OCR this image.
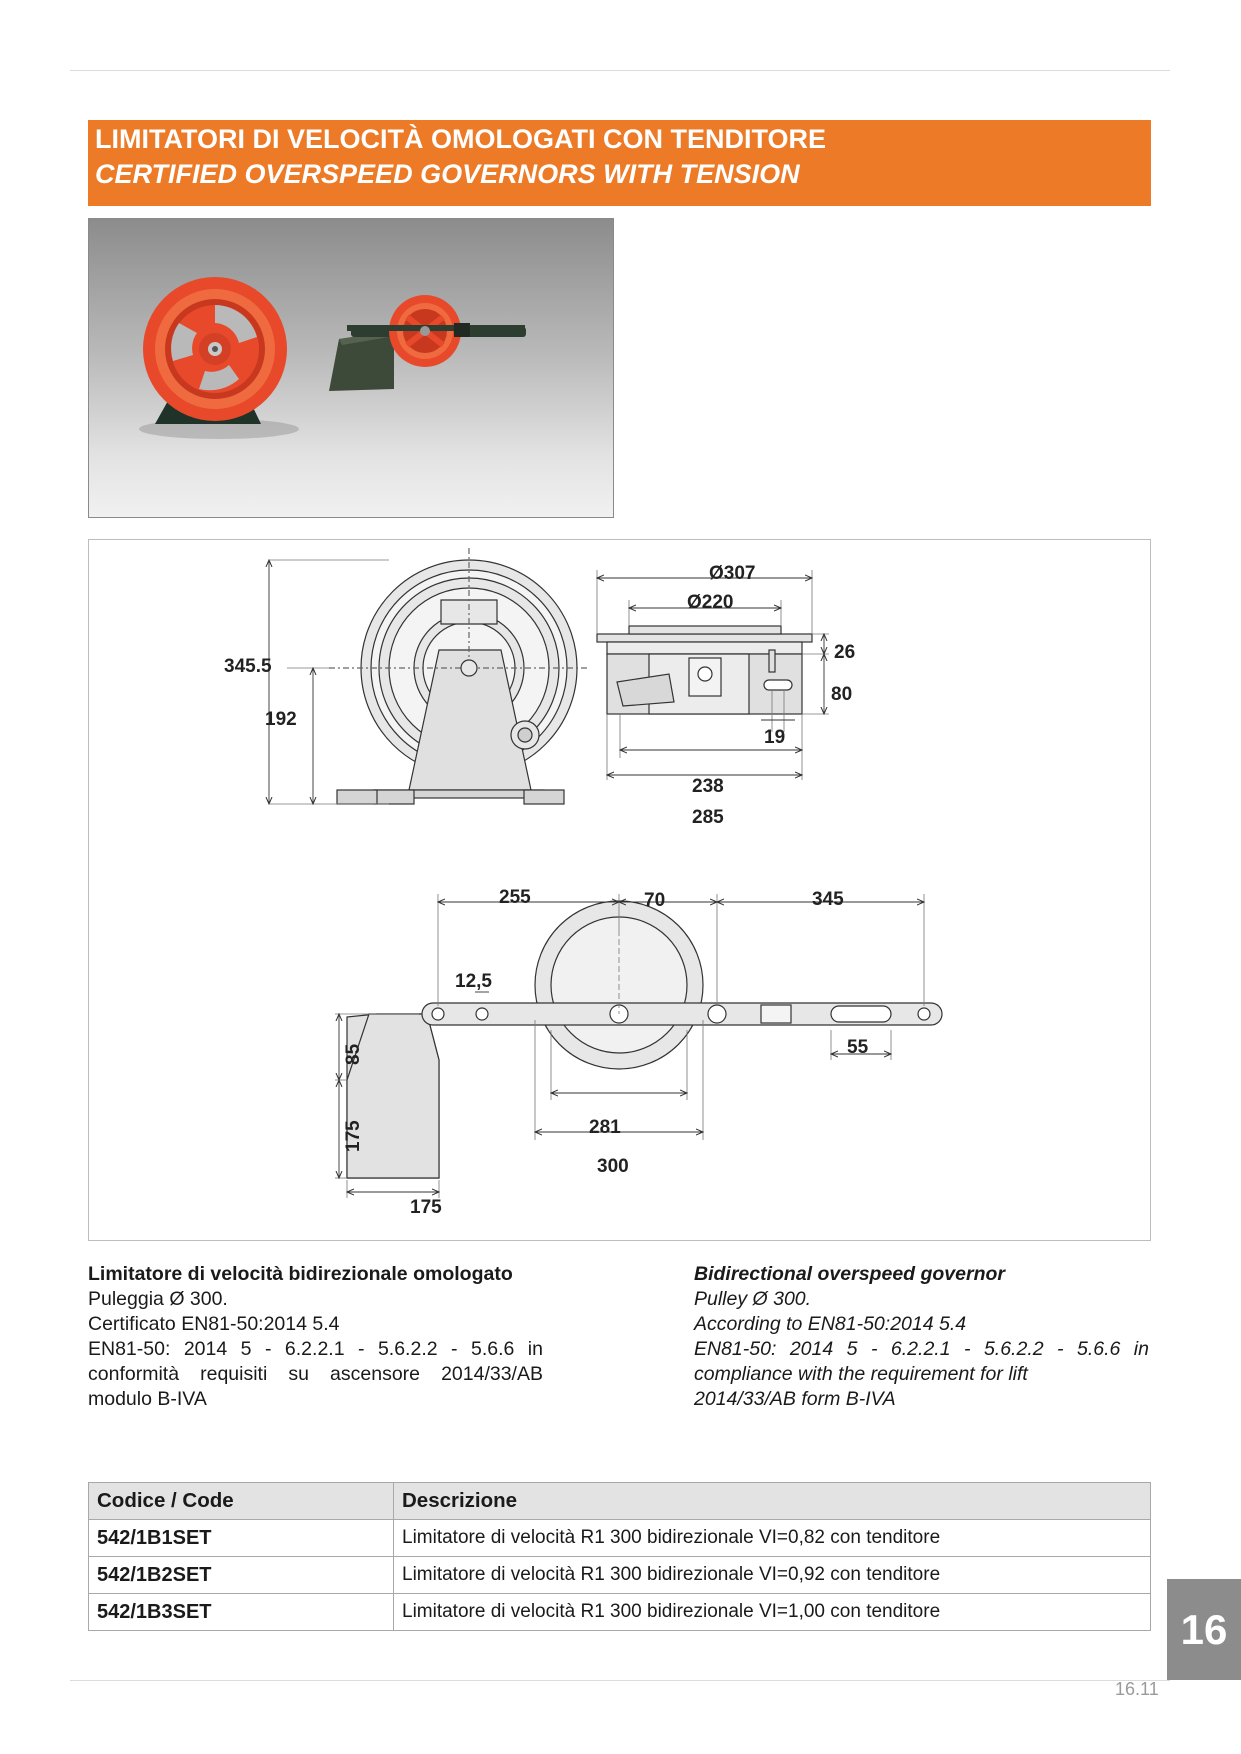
LIMITATORI DI VELOCITÀ OMOLOGATI CON TENDITORE
CERTIFIED OVERSPEED GOVERNORS WITH TENSION
345.5
192
Ø307
Ø220
26
80
19
238
285
255	70	345
12,5
55
85
175
175
281
300
Limitatore di velocità bidirezionale omologato
Puleggia Ø 300.
Certificato EN81-50:2014 5.4
EN81-50: 2014 5 - 6.2.2.1 - 5.6.2.2 - 5.6.6 in
conformità requisiti su ascensore 2014/33/AB
modulo B-IVA
Bidirectional overspeed governor
Pulley Ø 300.
According to EN81-50:2014 5.4
EN81-50: 2014 5 - 6.2.2.1 - 5.6.2.2 - 5.6.6 in
compliance with the requirement for lift
2014/33/AB form B-IVA
Codice / Code	Descrizione
542/1B1SET	Limitatore di velocità R1 300 bidirezionale VI=0,82 con tenditore
542/1B2SET	Limitatore di velocità R1 300 bidirezionale VI=0,92 con tenditore
542/1B3SET	Limitatore di velocità R1 300 bidirezionale VI=1,00 con tenditore	16
16.11
